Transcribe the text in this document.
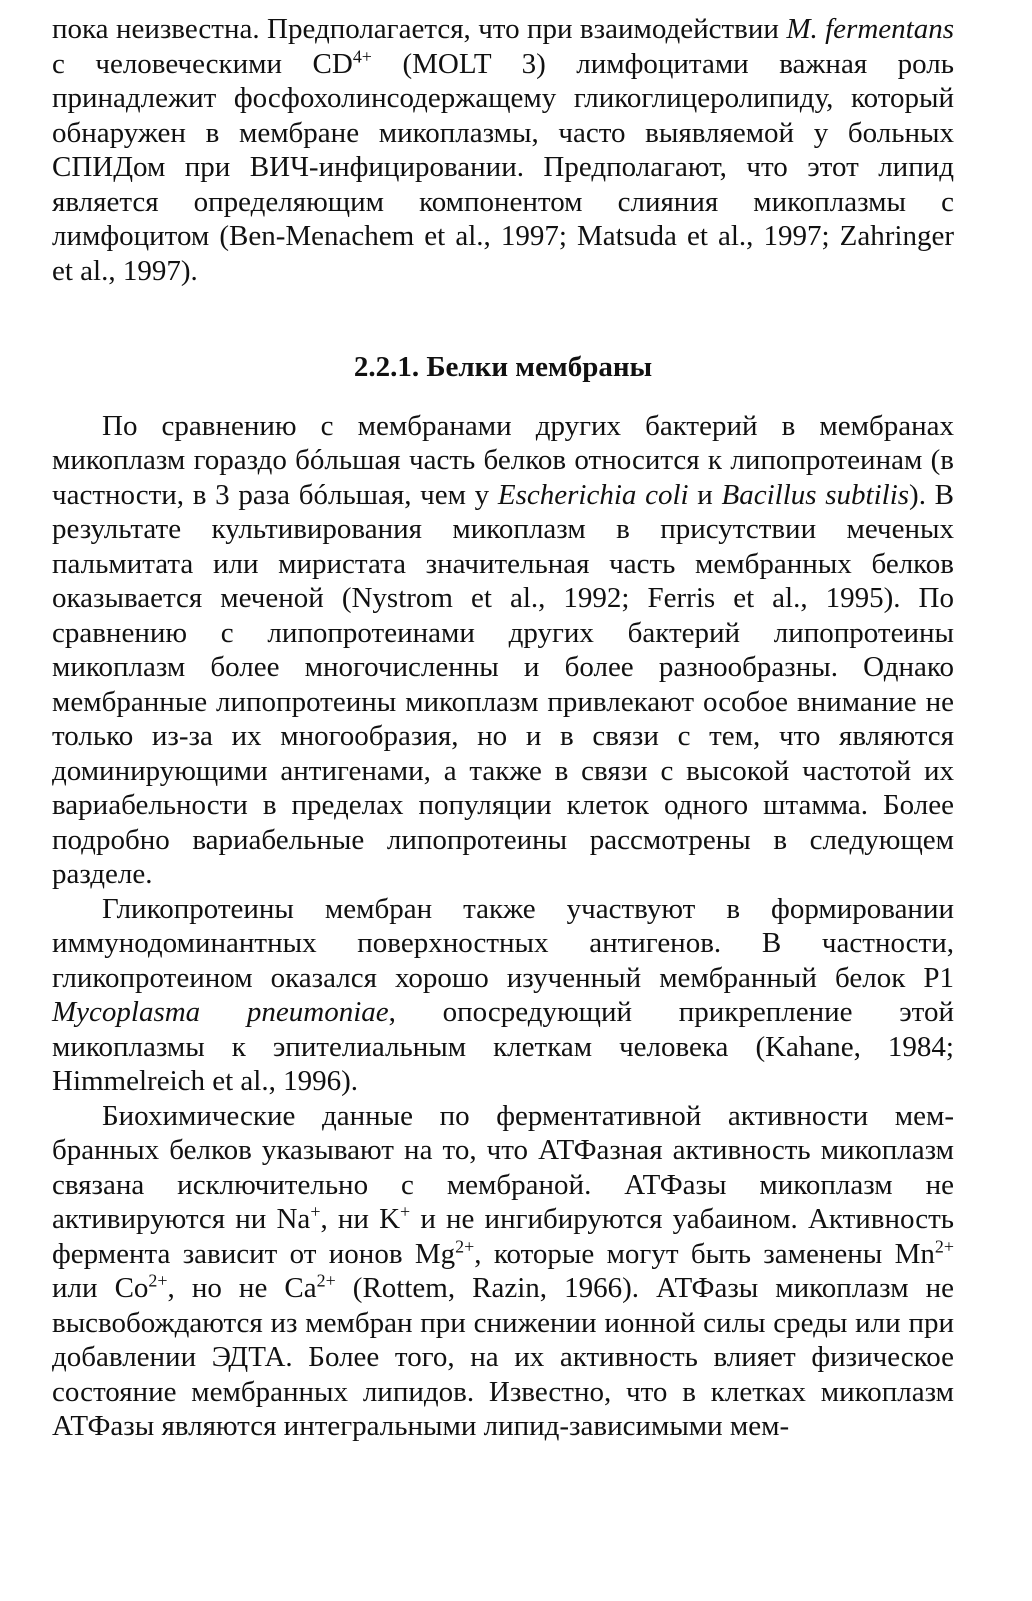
пока неизвестна. Предполагается, что при взаимодействии M. fermentans с человеческими $CD^{4+}$ (MOLT 3) лимфоцитами важная роль принадлежит фосфохолинсодержащему гликоглицеролипиду, который обнаружен в мембране микоплазмы, часто выявляемой у больных СПИДом при ВИЧ-инфицировании. Предполагают, что этот липид является определяющим компонентом слияния микоплазмы с лимфоцитом (Ben-Menachem et al., 1997; Matsuda et al., 1997; Zahringer et al., 1997).

2.2.1. Белки мембраны

По сравнению с мембранами других бактерий в мембранах микоплазм гораздо бóльшая часть белков относится к липопротеинам (в частности, в 3 раза бóльшая, чем у Escherichia coli и Bacillus subtilis). В результате культивирования микоплазм в присутствии меченых пальмитата или миристата значительная часть мембранных белков оказывается меченой (Nystrom et al., 1992; Ferris et al., 1995). По сравнению с липопротеинами других бактерий липопротеины микоплазм более многочисленны и более разнообразны. Однако мембранные липопротеины микоплазм привлекают особое внимание не только из-за их многообразия, но и в связи с тем, что являются доминирующими антигенами, а также в связи с высокой частотой их вариабельности в пределах популяции клеток одного штамма. Более подробно вариабельные липопротеины рассмотрены в следующем разделе.

Гликопротеины мембран также участвуют в формировании иммунодоминантных поверхностных антигенов. В частности, гликопротеином оказался хорошо изученный мембранный белок P1 Mycoplasma pneumoniae, опосредующий прикрепление этой микоплазмы к эпителиальным клеткам человека (Kahane, 1984; Himmelreich et al., 1996).

Биохимические данные по ферментативной активности мембранных белков указывают на то, что АТФазная активность микоплазм связана исключительно с мембраной. АТФазы микоплазм не активируются ни Na+, ни K+ и не ингибируются уабаином. Активность фермента зависит от ионов $Mg^{2+}$, которые могут быть заменены $Mn^{2+}$ или $Co^{2+}$, но не $Ca^{2+}$ (Rottem, Razin, 1966). АТФазы микоплазм не высвобождаются из мембран при снижении ионной силы среды или при добавлении ЭДТА. Более того, на их активность влияет физическое состояние мембранных липидов. Известно, что в клетках микоплазм АТФазы являются интегральными липид-зависимыми мем-
